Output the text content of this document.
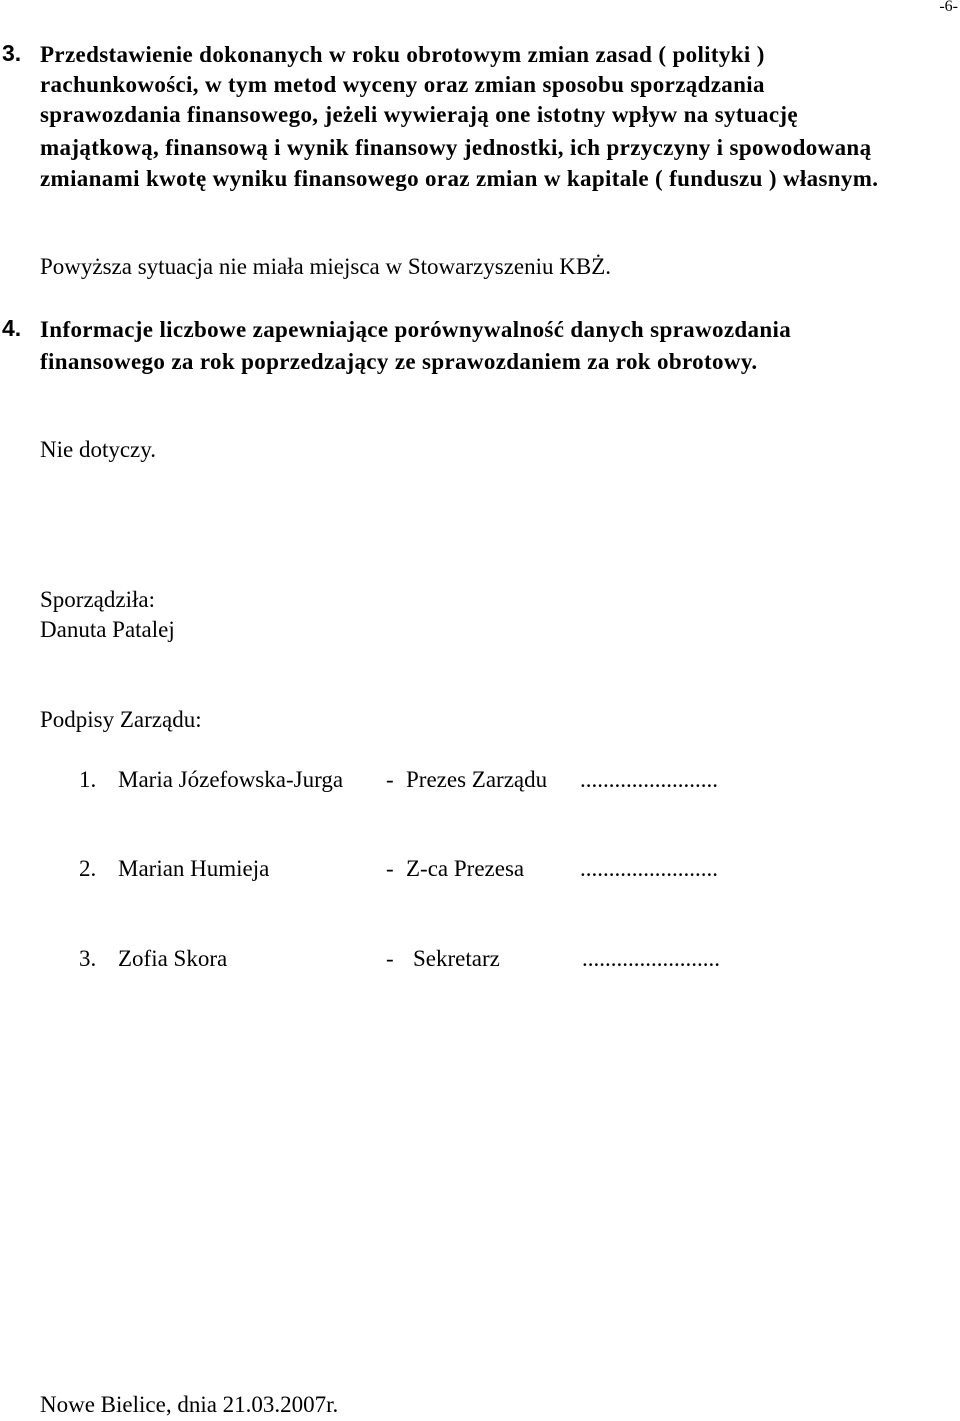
-6-
3. Przedstawienie dokonanych w roku obrotowym zmian zasad ( polityki )
rachunkowości, w tym metod wyceny oraz zmian sposobu sporządzania
sprawozdania finansowego, jeżeli wywierają one istotny wpływ na sytuację
majątkową, finansową i wynik finansowy jednostki, ich przyczyny i spowodowaną
zmianami kwotę wyniku finansowego oraz zmian w kapitale ( funduszu ) własnym.
Powyższa sytuacja nie miała miejsca w Stowarzyszeniu KBŻ.
4. Informacje liczbowe zapewniające porównywalność danych sprawozdania
finansowego za rok poprzedzający ze sprawozdaniem za rok obrotowy.
Nie dotyczy.
Sporządziła:
Danuta Patalej
Podpisy Zarządu:
1. Maria Józefowska-Jurga - Prezes Zarządu ........................
2. Marian Humieja	- Z-ca Prezesa ........................
3. Zofia Skora	- Sekretarz	........................
Nowe Bielice, dnia 21.03.2007r.
